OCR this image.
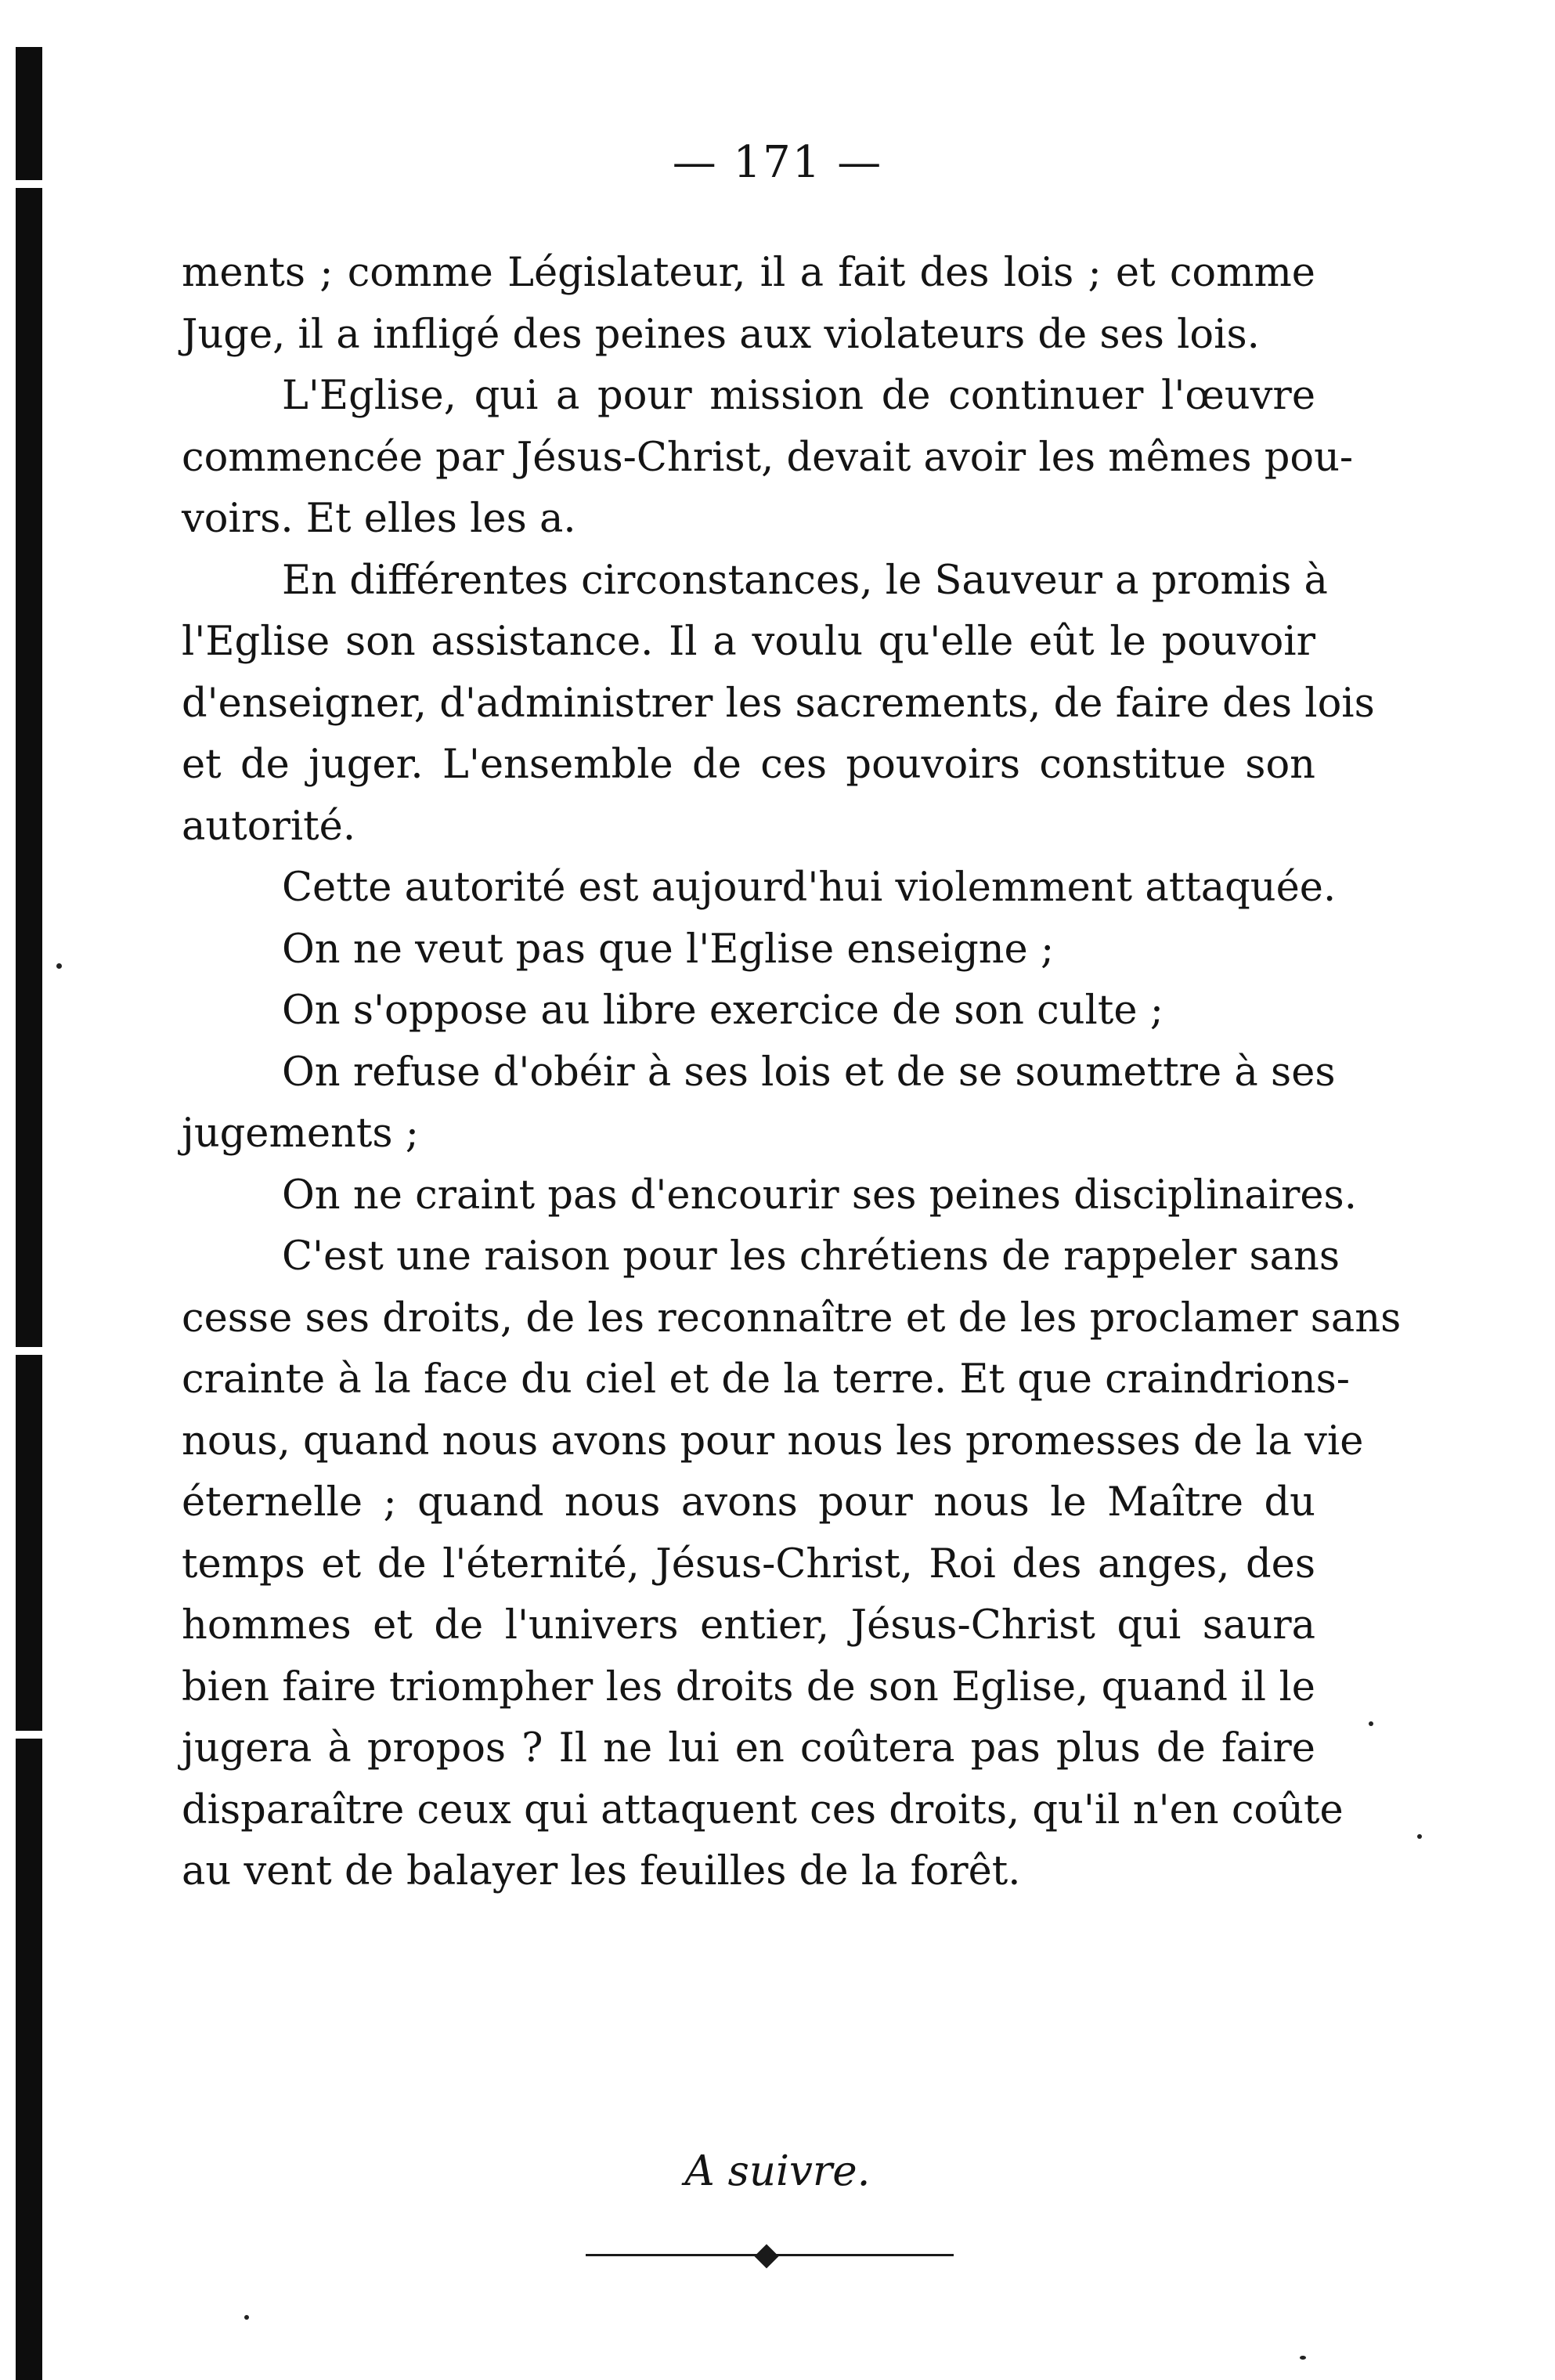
— 171 —
ments ; comme Législateur, il a fait des lois ; et comme
Juge, il a infligé des peines aux violateurs de ses lois.
L'Eglise, qui a pour mission de continuer l'œuvre
commencée par Jésus-Christ, devait avoir les mêmes pou-
voirs. Et elles les a.
En différentes circonstances, le Sauveur a promis à
l'Eglise son assistance. Il a voulu qu'elle eût le pouvoir
d'enseigner, d'administrer les sacrements, de faire des lois
et de juger. L'ensemble de ces pouvoirs constitue son
autorité.
Cette autorité est aujourd'hui violemment attaquée.
On ne veut pas que l'Eglise enseigne ;
On s'oppose au libre exercice de son culte ;
On refuse d'obéir à ses lois et de se soumettre à ses
jugements ;
On ne craint pas d'encourir ses peines disciplinaires.
C'est une raison pour les chrétiens de rappeler sans
cesse ses droits, de les reconnaître et de les proclamer sans
crainte à la face du ciel et de la terre. Et que craindrions-
nous, quand nous avons pour nous les promesses de la vie
éternelle ; quand nous avons pour nous le Maître du
temps et de l'éternité, Jésus-Christ, Roi des anges, des
hommes et de l'univers entier, Jésus-Christ qui saura
bien faire triompher les droits de son Eglise, quand il le
jugera à propos ? Il ne lui en coûtera pas plus de faire
disparaître ceux qui attaquent ces droits, qu'il n'en coûte
au vent de balayer les feuilles de la forêt.
A suivre.
